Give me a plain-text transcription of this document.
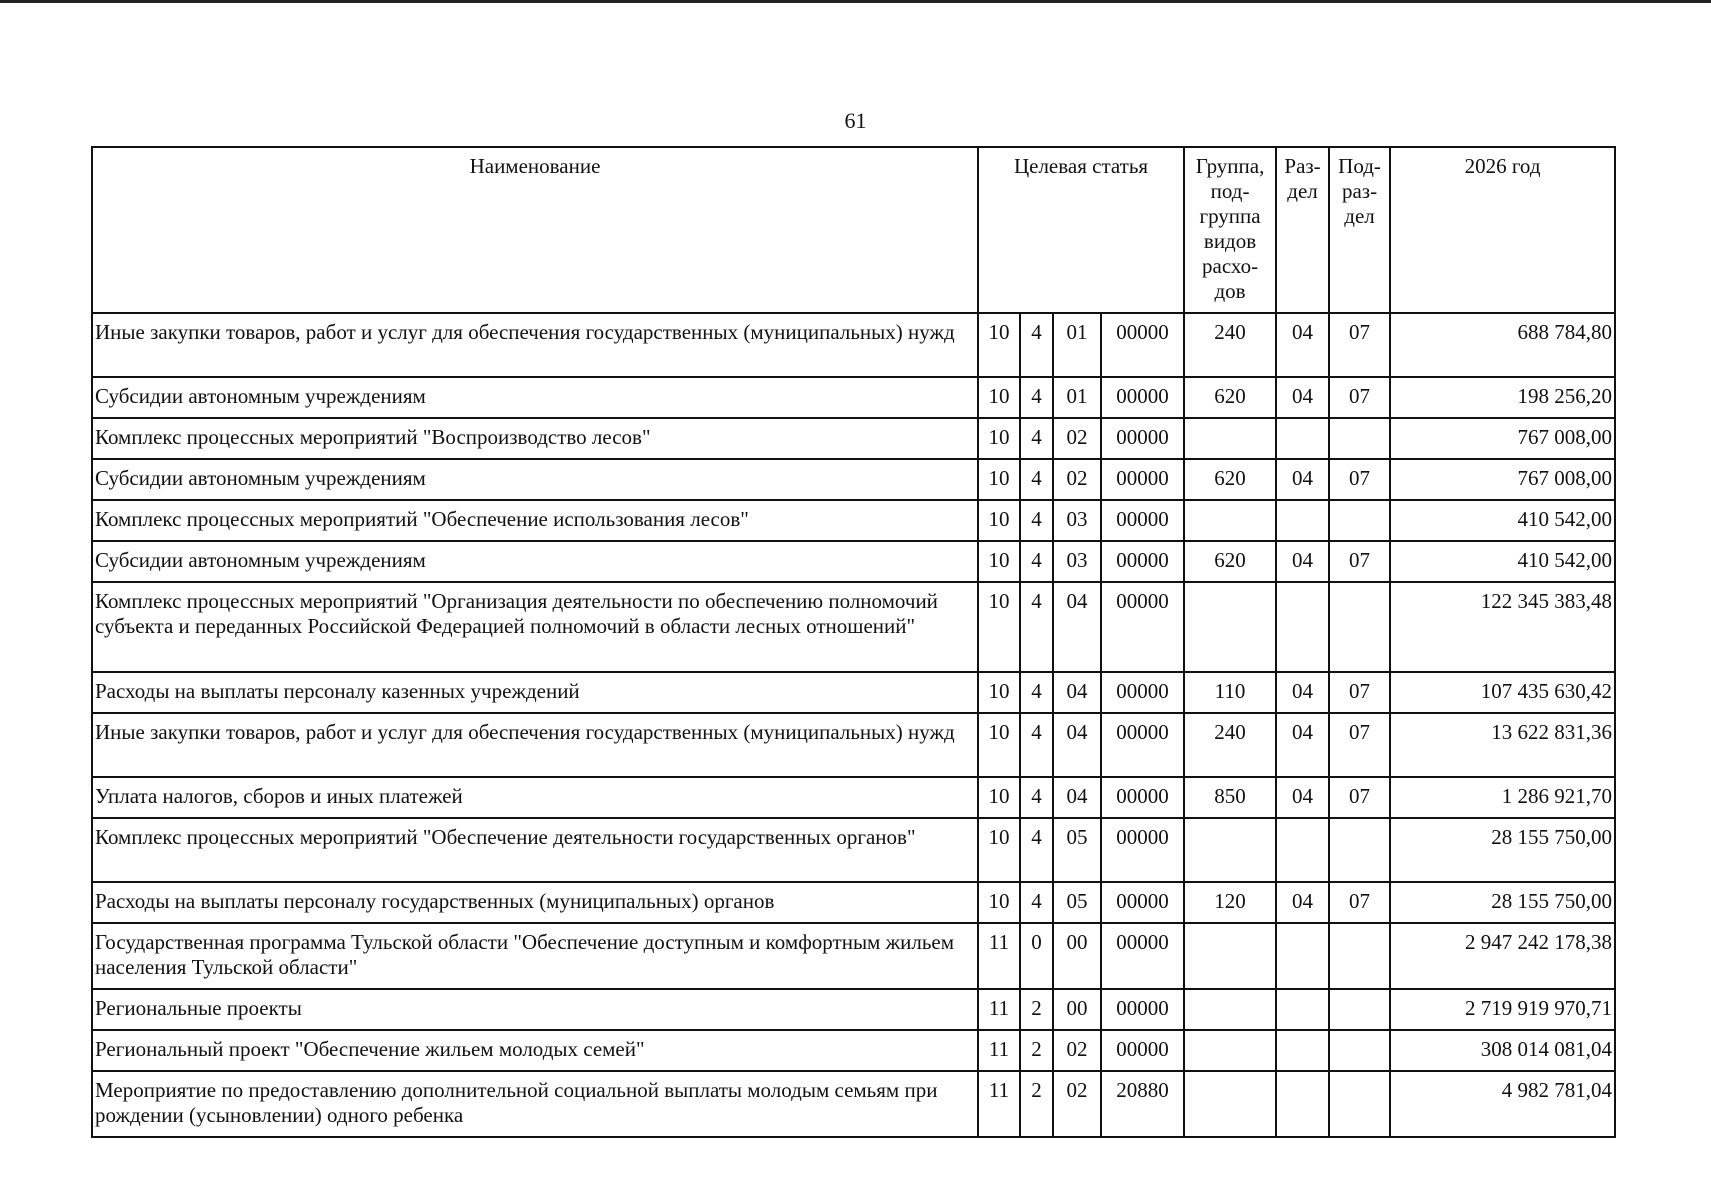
61
Наименование	Целевая статья				Группа, под-группа видов расхо-дов	Раз-дел	Под-раз-дел	2026 год
Иные закупки товаров, работ и услуг для обеспечения государственных (муниципальных) нужд	10	4	01	00000	240	04	07	688 784,80
Субсидии автономным учреждениям	10	4	01	00000	620	04	07	198 256,20
Комплекс процессных мероприятий "Воспроизводство лесов"	10	4	02	00000				767 008,00
Субсидии автономным учреждениям	10	4	02	00000	620	04	07	767 008,00
Комплекс процессных мероприятий "Обеспечение использования лесов"	10	4	03	00000				410 542,00
Субсидии автономным учреждениям	10	4	03	00000	620	04	07	410 542,00
Комплекс процессных мероприятий "Организация деятельности по обеспечению полномочий субъекта и переданных Российской Федерацией полномочий в области лесных отношений"	10	4	04	00000				122 345 383,48
Расходы на выплаты персоналу казенных учреждений	10	4	04	00000	110	04	07	107 435 630,42
Иные закупки товаров, работ и услуг для обеспечения государственных (муниципальных) нужд	10	4	04	00000	240	04	07	13 622 831,36
Уплата налогов, сборов и иных платежей	10	4	04	00000	850	04	07	1 286 921,70
Комплекс процессных мероприятий "Обеспечение деятельности государственных органов"	10	4	05	00000				28 155 750,00
Расходы на выплаты персоналу государственных (муниципальных) органов	10	4	05	00000	120	04	07	28 155 750,00
Государственная программа Тульской области "Обеспечение доступным и комфортным жильем населения Тульской области"	11	0	00	00000				2 947 242 178,38
Региональные проекты	11	2	00	00000				2 719 919 970,71
Региональный проект "Обеспечение жильем молодых семей"	11	2	02	00000				308 014 081,04
Мероприятие по предоставлению дополнительной социальной выплаты молодым семьям при рождении (усыновлении) одного ребенка	11	2	02	20880				4 982 781,04
